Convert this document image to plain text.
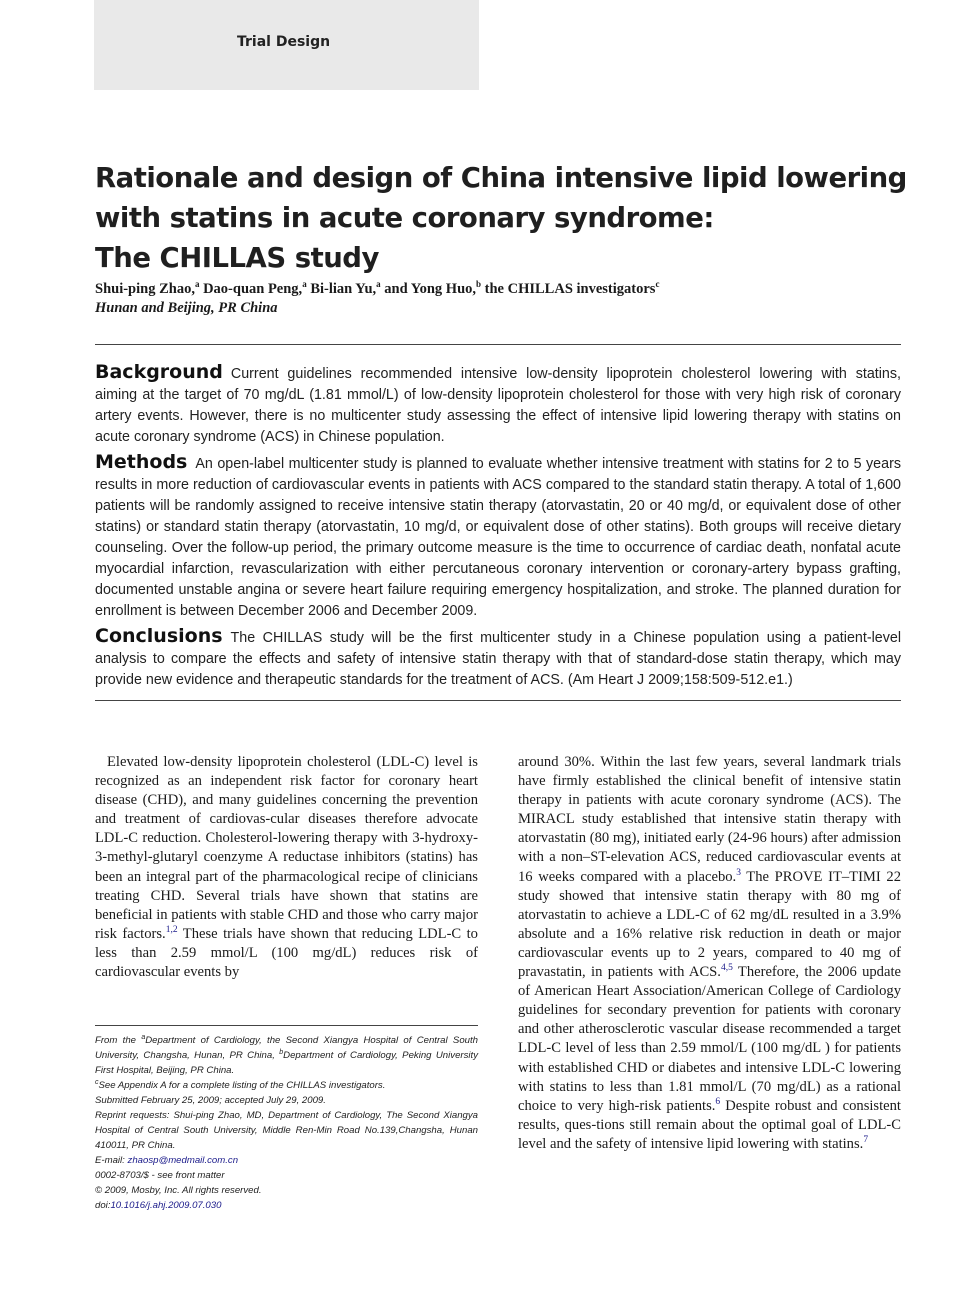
Trial Design
Rationale and design of China intensive lipid lowering
with statins in acute coronary syndrome:
The CHILLAS study
Shui-ping Zhao,$^a$ Dao-quan Peng,$^a$ Bi-lian Yu,$^a$ and Yong Huo,$^b$ the CHILLAS investigators$^c$
Hunan and Beijing, PR China

Background Current guidelines recommended intensive low-density lipoprotein cholesterol lowering with statins, aiming at the target of 70 mg/dL (1.81 mmol/L) of low-density lipoprotein cholesterol for those with very high risk of coronary artery events. However, there is no multicenter study assessing the effect of intensive lipid lowering therapy with statins on acute coronary syndrome (ACS) in Chinese population.

Methods An open-label multicenter study is planned to evaluate whether intensive treatment with statins for 2 to 5 years results in more reduction of cardiovascular events in patients with ACS compared to the standard statin therapy. A total of 1,600 patients will be randomly assigned to receive intensive statin therapy (atorvastatin, 20 or 40 mg/d, or equivalent dose of other statins) or standard statin therapy (atorvastatin, 10 mg/d, or equivalent dose of other statins). Both groups will receive dietary counseling. Over the follow-up period, the primary outcome measure is the time to occurrence of cardiac death, nonfatal acute myocardial infarction, revascularization with either percutaneous coronary intervention or coronary-artery bypass grafting, documented unstable angina or severe heart failure requiring emergency hospitalization, and stroke. The planned duration for enrollment is between December 2006 and December 2009.

Conclusions The CHILLAS study will be the first multicenter study in a Chinese population using a patient-level analysis to compare the effects and safety of intensive statin therapy with that of standard-dose statin therapy, which may provide new evidence and therapeutic standards for the treatment of ACS. (Am Heart J 2009;158:509-512.e1.)

Elevated low-density lipoprotein cholesterol (LDL-C) level is recognized as an independent risk factor for coronary heart disease (CHD), and many guidelines concerning the prevention and treatment of cardiovas-cular diseases therefore advocate LDL-C reduction. Cholesterol-lowering therapy with 3-hydroxy-3-methyl-glutaryl coenzyme A reductase inhibitors (statins) has been an integral part of the pharmacological recipe of clinicians treating CHD. Several trials have shown that statins are beneficial in patients with stable CHD and those who carry major risk factors.$^{1,2}$ These trials have shown that reducing LDL-C to less than 2.59 mmol/L (100 mg/dL) reduces risk of cardiovascular events by

around 30%. Within the last few years, several landmark trials have firmly established the clinical benefit of intensive statin therapy in patients with acute coronary syndrome (ACS). The MIRACL study established that intensive statin therapy with atorvastatin (80 mg), initiated early (24-96 hours) after admission with a non–ST-elevation ACS, reduced cardiovascular events at 16 weeks compared with a placebo.$^3$ The PROVE IT–TIMI 22 study showed that intensive statin therapy with 80 mg of atorvastatin to achieve a LDL-C of 62 mg/dL resulted in a 3.9% absolute and a 16% relative risk reduction in death or major cardiovascular events up to 2 years, compared to 40 mg of pravastatin, in patients with ACS.$^{4,5}$ Therefore, the 2006 update of American Heart Association/American College of Cardiology guidelines for secondary prevention for patients with coronary and other atherosclerotic vascular disease recommended a target LDL-C level of less than 2.59 mmol/L (100 mg/dL ) for patients with established CHD or diabetes and intensive LDL-C lowering with statins to less than 1.81 mmol/L (70 mg/dL) as a rational choice to very high-risk patients.$^6$ Despite robust and consistent results, ques-tions still remain about the optimal goal of LDL-C level and the safety of intensive lipid lowering with statins.$^7$

From the $^a$Department of Cardiology, the Second Xiangya Hospital of Central South University, Changsha, Hunan, PR China, $^b$Department of Cardiology, Peking University First Hospital, Beijing, PR China.
$^c$See Appendix A for a complete listing of the CHILLAS investigators.
Submitted February 25, 2009; accepted July 29, 2009.
Reprint requests: Shui-ping Zhao, MD, Department of Cardiology, The Second Xiangya Hospital of Central South University, Middle Ren-Min Road No.139,Changsha, Hunan 410011, PR China.
E-mail: zhaosp@medmail.com.cn
0002-8703/$ - see front matter
© 2009, Mosby, Inc. All rights reserved.
doi:10.1016/j.ahj.2009.07.030
